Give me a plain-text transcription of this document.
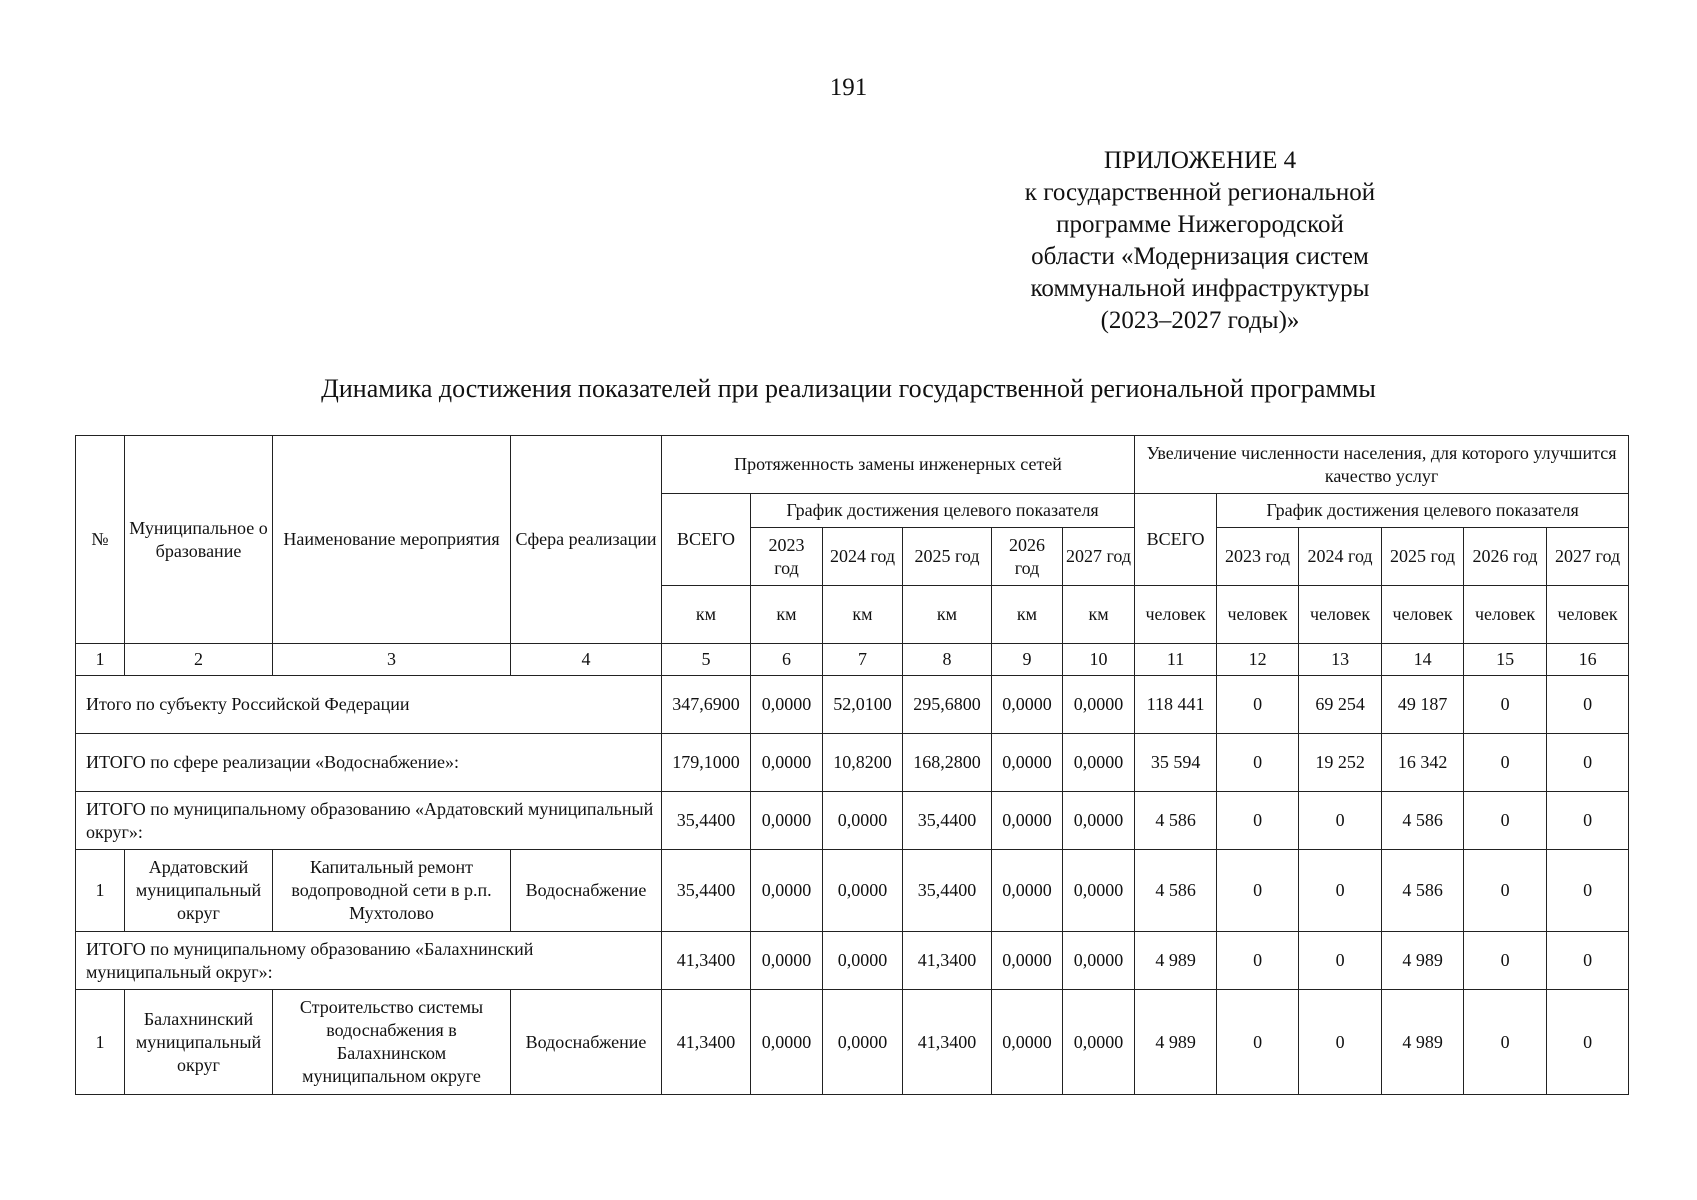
191
ПРИЛОЖЕНИЕ 4
к государственной региональной
программе Нижегородской
области «Модернизация систем
коммунальной инфраструктуры
(2023–2027 годы)»
Динамика достижения показателей при реализации государственной региональной программы
№	Муниципальное образование	Наименование мероприятия	Сфера реализации	Протяженность замены инженерных сетей						Увеличение численности населения, для которого улучшится качество услуг					
				ВСЕГО	График достижения целевого показателя					ВСЕГО	График достижения целевого показателя				
					2023 год	2024 год	2025 год	2026 год	2027 год		2023 год	2024 год	2025 год	2026 год	2027 год
				км	км	км	км	км	км	человек	человек	человек	человек	человек	человек
1	2	3	4	5	6	7	8	9	10	11	12	13	14	15	16
Итого по субъекту Российской Федерации				347,6900	0,0000	52,0100	295,6800	0,0000	0,0000	118 441	0	69 254	49 187	0	0
ИТОГО по сфере реализации «Водоснабжение»:				179,1000	0,0000	10,8200	168,2800	0,0000	0,0000	35 594	0	19 252	16 342	0	0
ИТОГО по муниципальному образованию «Ардатовский муниципальный округ»:				35,4400	0,0000	0,0000	35,4400	0,0000	0,0000	4 586	0	0	4 586	0	0
1	Ардатовский муниципальный округ	Капитальный ремонт водопроводной сети в р.п. Мухтолово	Водоснабжение	35,4400	0,0000	0,0000	35,4400	0,0000	0,0000	4 586	0	0	4 586	0	0
ИТОГО по муниципальному образованию «Балахнинский муниципальный округ»:				41,3400	0,0000	0,0000	41,3400	0,0000	0,0000	4 989	0	0	4 989	0	0
1	Балахнинский муниципальный округ	Строительство системы водоснабжения в Балахнинском муниципальном округе	Водоснабжение	41,3400	0,0000	0,0000	41,3400	0,0000	0,0000	4 989	0	0	4 989	0	0
